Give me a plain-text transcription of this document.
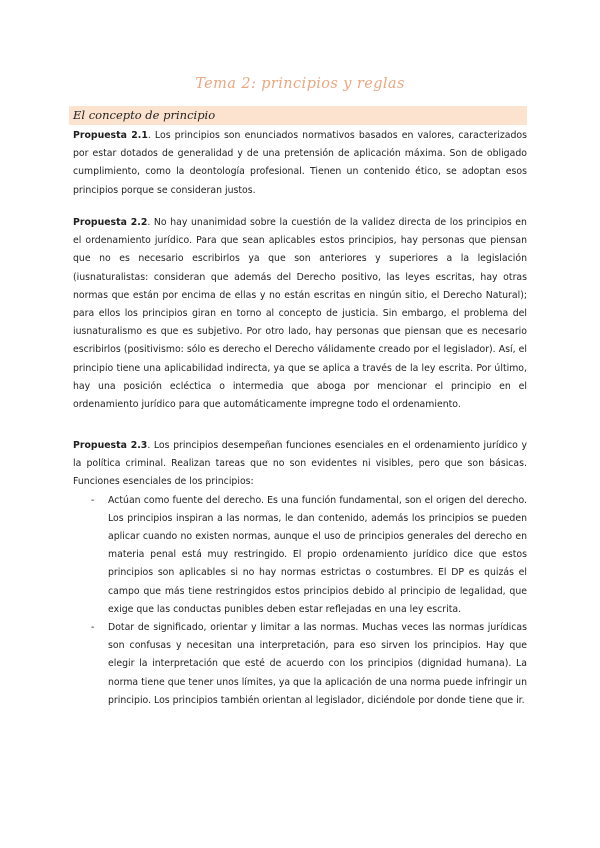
Tema 2: principios y reglas
El concepto de principio

Propuesta 2.1. Los principios son enunciados normativos basados en valores, caracterizados por estar dotados de generalidad y de una pretensión de aplicación máxima. Son de obligado cumplimiento, como la deontología profesional. Tienen un contenido ético, se adoptan esos principios porque se consideran justos.

Propuesta 2.2. No hay unanimidad sobre la cuestión de la validez directa de los principios en el ordenamiento jurídico. Para que sean aplicables estos principios, hay personas que piensan que no es necesario escribirlos ya que son anteriores y superiores a la legislación (iusnaturalistas: consideran que además del Derecho positivo, las leyes escritas, hay otras normas que están por encima de ellas y no están escritas en ningún sitio, el Derecho Natural); para ellos los principios giran en torno al concepto de justicia. Sin embargo, el problema del iusnaturalismo es que es subjetivo. Por otro lado, hay personas que piensan que es necesario escribirlos (positivismo: sólo es derecho el Derecho válidamente creado por el legislador). Así, el principio tiene una aplicabilidad indirecta, ya que se aplica a través de la ley escrita. Por último, hay una posición ecléctica o intermedia que aboga por mencionar el principio en el ordenamiento jurídico para que automáticamente impregne todo el ordenamiento.

Propuesta 2.3. Los principios desempeñan funciones esenciales en el ordenamiento jurídico y la política criminal. Realizan tareas que no son evidentes ni visibles, pero que son básicas. Funciones esenciales de los principios:

- Actúan como fuente del derecho. Es una función fundamental, son el origen del derecho. Los principios inspiran a las normas, le dan contenido, además los principios se pueden aplicar cuando no existen normas, aunque el uso de principios generales del derecho en materia penal está muy restringido. El propio ordenamiento jurídico dice que estos principios son aplicables si no hay normas estrictas o costumbres. El DP es quizás el campo que más tiene restringidos estos principios debido al principio de legalidad, que exige que las conductas punibles deben estar reflejadas en una ley escrita.
- Dotar de significado, orientar y limitar a las normas. Muchas veces las normas jurídicas son confusas y necesitan una interpretación, para eso sirven los principios. Hay que elegir la interpretación que esté de acuerdo con los principios (dignidad humana). La norma tiene que tener unos límites, ya que la aplicación de una norma puede infringir un principio. Los principios también orientan al legislador, diciéndole por donde tiene que ir.
